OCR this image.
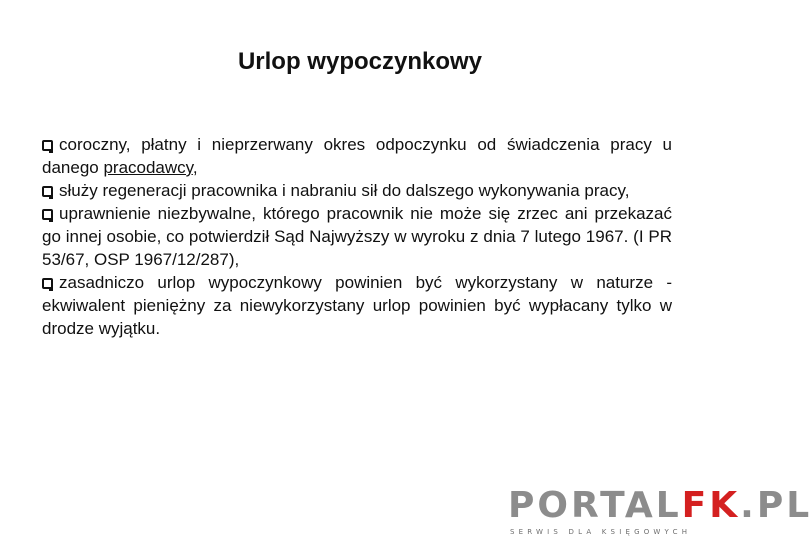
Urlop wypoczynkowy

coroczny, płatny i nieprzerwany okres odpoczynku od świadczenia pracy u danego pracodawcy,

służy regeneracji pracownika i nabraniu sił do dalszego wykonywania pracy,

uprawnienie niezbywalne, którego pracownik nie może się zrzec ani przekazać go innej osobie, co potwierdził Sąd Najwyższy w wyroku z dnia 7 lutego 1967. (I PR 53/67, OSP 1967/12/287),

zasadniczo urlop wypoczynkowy powinien być wykorzystany w naturze - ekwiwalent pieniężny za niewykorzystany urlop powinien być wypłacany tylko w drodze wyjątku.

PORTALFK.PL
SERWIS DLA KSIĘGOWYCH
